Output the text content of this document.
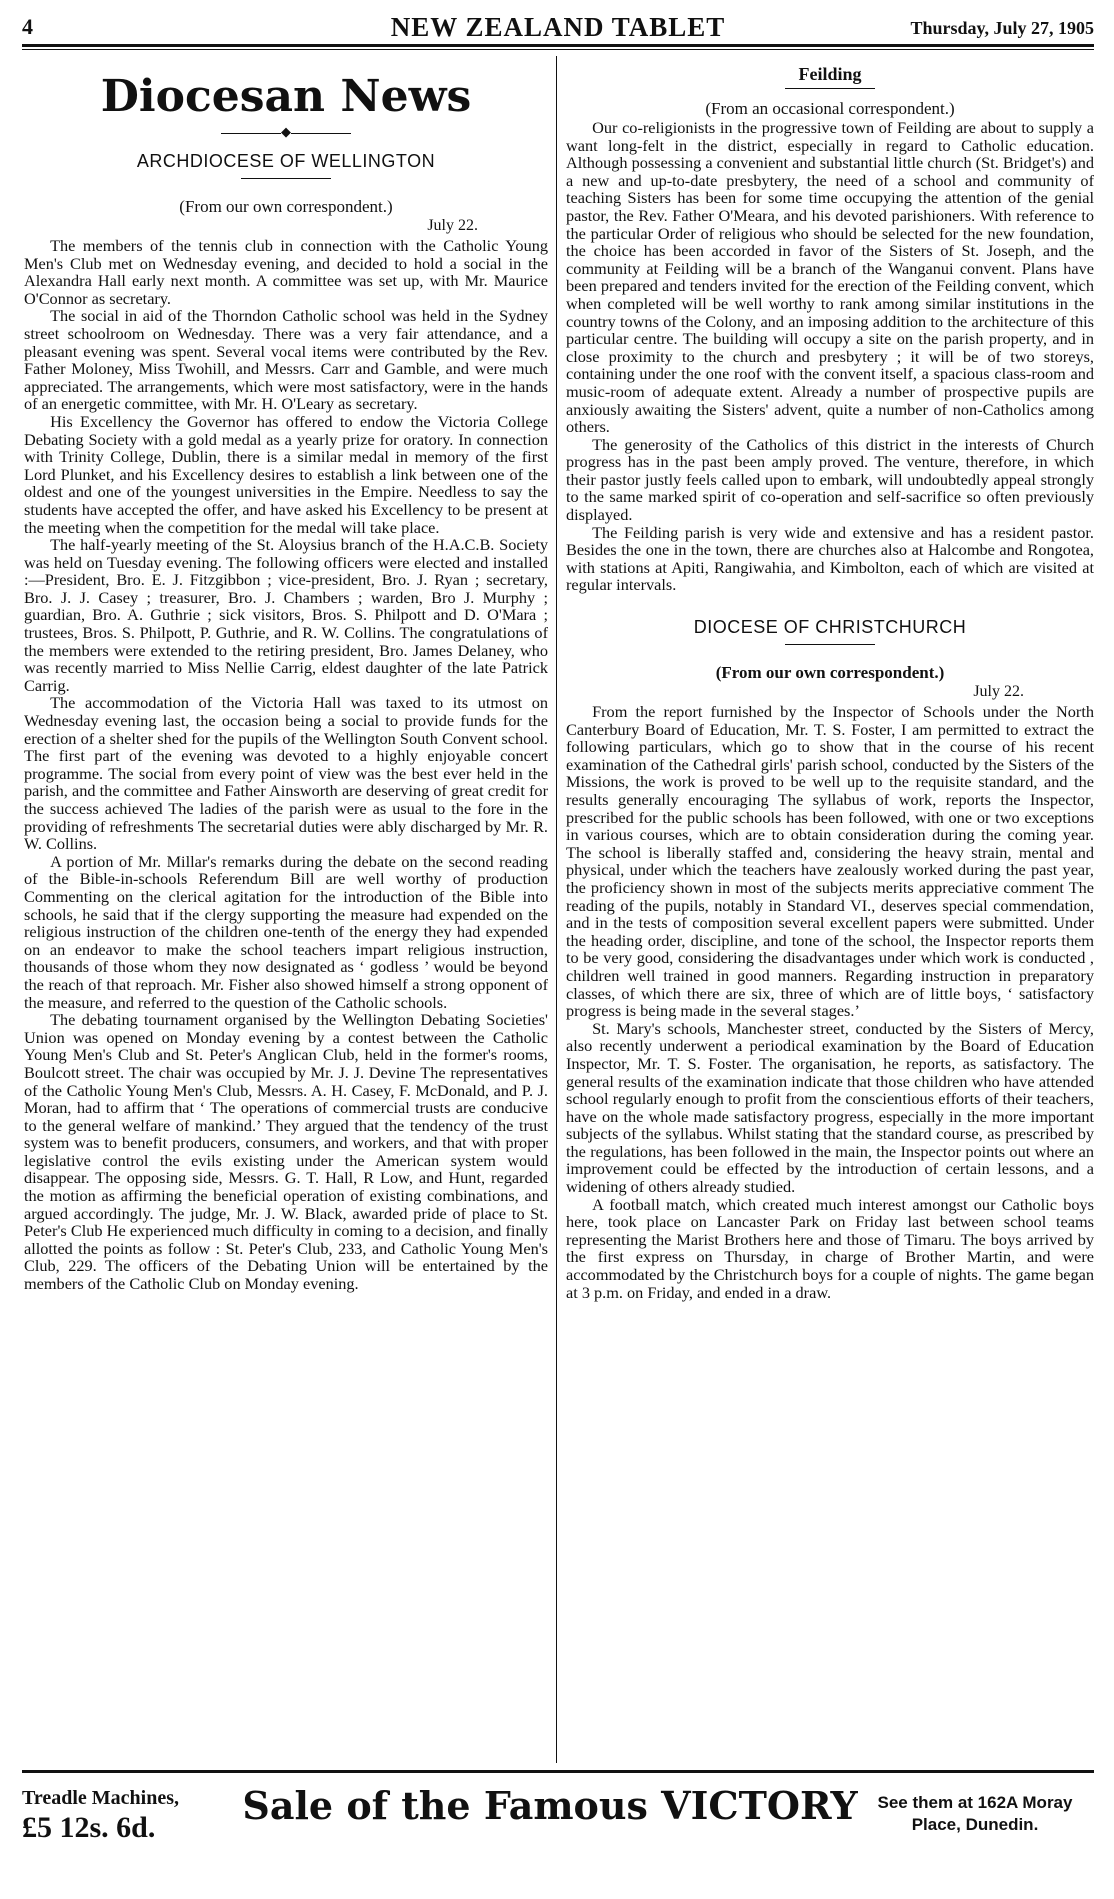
4	NEW ZEALAND TABLET	Thursday, July 27, 1905
Diocesan News
◆
ARCHDIOCESE OF WELLINGTON
(From our own correspondent.)
July 22.

The members of the tennis club in connection with the Catholic Young Men's Club met on Wednesday evening, and decided to hold a social in the Alexandra Hall early next month. A committee was set up, with Mr. Maurice O'Connor as secretary.

The social in aid of the Thorndon Catholic school was held in the Sydney street schoolroom on Wednesday. There was a very fair attendance, and a pleasant evening was spent. Several vocal items were contributed by the Rev. Father Moloney, Miss Twohill, and Messrs. Carr and Gamble, and were much appreciated. The arrangements, which were most satisfactory, were in the hands of an energetic committee, with Mr. H. O'Leary as secretary.

His Excellency the Governor has offered to endow the Victoria College Debating Society with a gold medal as a yearly prize for oratory. In connection with Trinity College, Dublin, there is a similar medal in memory of the first Lord Plunket, and his Excellency desires to establish a link between one of the oldest and one of the youngest universities in the Empire. Needless to say the students have accepted the offer, and have asked his Excellency to be present at the meeting when the competition for the medal will take place.

The half-yearly meeting of the St. Aloysius branch of the H.A.C.B. Society was held on Tuesday evening. The following officers were elected and installed :—President, Bro. E. J. Fitzgibbon ; vice-president, Bro. J. Ryan ; secretary, Bro. J. J. Casey ; treasurer, Bro. J. Chambers ; warden, Bro J. Murphy ; guardian, Bro. A. Guthrie ; sick visitors, Bros. S. Philpott and D. O'Mara ; trustees, Bros. S. Philpott, P. Guthrie, and R. W. Collins. The congratulations of the members were extended to the retiring president, Bro. James Delaney, who was recently married to Miss Nellie Carrig, eldest daughter of the late Patrick Carrig.

The accommodation of the Victoria Hall was taxed to its utmost on Wednesday evening last, the occasion being a social to provide funds for the erection of a shelter shed for the pupils of the Wellington South Convent school. The first part of the evening was devoted to a highly enjoyable concert programme. The social from every point of view was the best ever held in the parish, and the committee and Father Ainsworth are deserving of great credit for the success achieved The ladies of the parish were as usual to the fore in the providing of refreshments The secretarial duties were ably discharged by Mr. R. W. Collins.

A portion of Mr. Millar's remarks during the debate on the second reading of the Bible-in-schools Referendum Bill are well worthy of production Commenting on the clerical agitation for the introduction of the Bible into schools, he said that if the clergy supporting the measure had expended on the religious instruction of the children one-tenth of the energy they had expended on an endeavor to make the school teachers impart religious instruction, thousands of those whom they now designated as ‘ godless ’ would be beyond the reach of that reproach. Mr. Fisher also showed himself a strong opponent of the measure, and referred to the question of the Catholic schools.

The debating tournament organised by the Wellington Debating Societies' Union was opened on Monday evening by a contest between the Catholic Young Men's Club and St. Peter's Anglican Club, held in the former's rooms, Boulcott street. The chair was occupied by Mr. J. J. Devine The representatives of the Catholic Young Men's Club, Messrs. A. H. Casey, F. McDonald, and P. J. Moran, had to affirm that ‘ The operations of commercial trusts are conducive to the general welfare of mankind.’ They argued that the tendency of the trust system was to benefit producers, consumers, and workers, and that with proper legislative control the evils existing under the American system would disappear. The opposing side, Messrs. G. T. Hall, R Low, and Hunt, regarded the motion as affirming the beneficial operation of existing combinations, and argued accordingly. The judge, Mr. J. W. Black, awarded pride of place to St. Peter's Club He experienced much difficulty in coming to a decision, and finally allotted the points as follow : St. Peter's Club, 233, and Catholic Young Men's Club, 229. The officers of the Debating Union will be entertained by the members of the Catholic Club on Monday evening.

Feilding
(From an occasional correspondent.)

Our co-religionists in the progressive town of Feilding are about to supply a want long-felt in the district, especially in regard to Catholic education. Although possessing a convenient and substantial little church (St. Bridget's) and a new and up-to-date presbytery, the need of a school and community of teaching Sisters has been for some time occupying the attention of the genial pastor, the Rev. Father O'Meara, and his devoted parishioners. With reference to the particular Order of religious who should be selected for the new foundation, the choice has been accorded in favor of the Sisters of St. Joseph, and the community at Feilding will be a branch of the Wanganui convent. Plans have been prepared and tenders invited for the erection of the Feilding convent, which when completed will be well worthy to rank among similar institutions in the country towns of the Colony, and an imposing addition to the architecture of this particular centre. The building will occupy a site on the parish property, and in close proximity to the church and presbytery ; it will be of two storeys, containing under the one roof with the convent itself, a spacious class-room and music-room of adequate extent. Already a number of prospective pupils are anxiously awaiting the Sisters' advent, quite a number of non-Catholics among others.

The generosity of the Catholics of this district in the interests of Church progress has in the past been amply proved. The venture, therefore, in which their pastor justly feels called upon to embark, will undoubtedly appeal strongly to the same marked spirit of co-operation and self-sacrifice so often previously displayed.

The Feilding parish is very wide and extensive and has a resident pastor. Besides the one in the town, there are churches also at Halcombe and Rongotea, with stations at Apiti, Rangiwahia, and Kimbolton, each of which are visited at regular intervals.

DIOCESE OF CHRISTCHURCH
(From our own correspondent.)
July 22.

From the report furnished by the Inspector of Schools under the North Canterbury Board of Education, Mr. T. S. Foster, I am permitted to extract the following particulars, which go to show that in the course of his recent examination of the Cathedral girls' parish school, conducted by the Sisters of the Missions, the work is proved to be well up to the requisite standard, and the results generally encouraging The syllabus of work, reports the Inspector, prescribed for the public schools has been followed, with one or two exceptions in various courses, which are to obtain consideration during the coming year. The school is liberally staffed and, considering the heavy strain, mental and physical, under which the teachers have zealously worked during the past year, the proficiency shown in most of the subjects merits appreciative comment The reading of the pupils, notably in Standard VI., deserves special commendation, and in the tests of composition several excellent papers were submitted. Under the heading order, discipline, and tone of the school, the Inspector reports them to be very good, considering the disadvantages under which work is conducted , children well trained in good manners. Regarding instruction in preparatory classes, of which there are six, three of which are of little boys, ‘ satisfactory progress is being made in the several stages.’

St. Mary's schools, Manchester street, conducted by the Sisters of Mercy, also recently underwent a periodical examination by the Board of Education Inspector, Mr. T. S. Foster. The organisation, he reports, as satisfactory. The general results of the examination indicate that those children who have attended school regularly enough to profit from the conscientious efforts of their teachers, have on the whole made satisfactory progress, especially in the more important subjects of the syllabus. Whilst stating that the standard course, as prescribed by the regulations, has been followed in the main, the Inspector points out where an improvement could be effected by the introduction of certain lessons, and a widening of others already studied.

A football match, which created much interest amongst our Catholic boys here, took place on Lancaster Park on Friday last between school teams representing the Marist Brothers here and those of Timaru. The boys arrived by the first express on Thursday, in charge of Brother Martin, and were accommodated by the Christchurch boys for a couple of nights. The game began at 3 p.m. on Friday, and ended in a draw.

Treadle Machines,
£5 12s. 6d.	Sale of the Famous VICTORY	See them at 162A Moray
Place, Dunedin.
